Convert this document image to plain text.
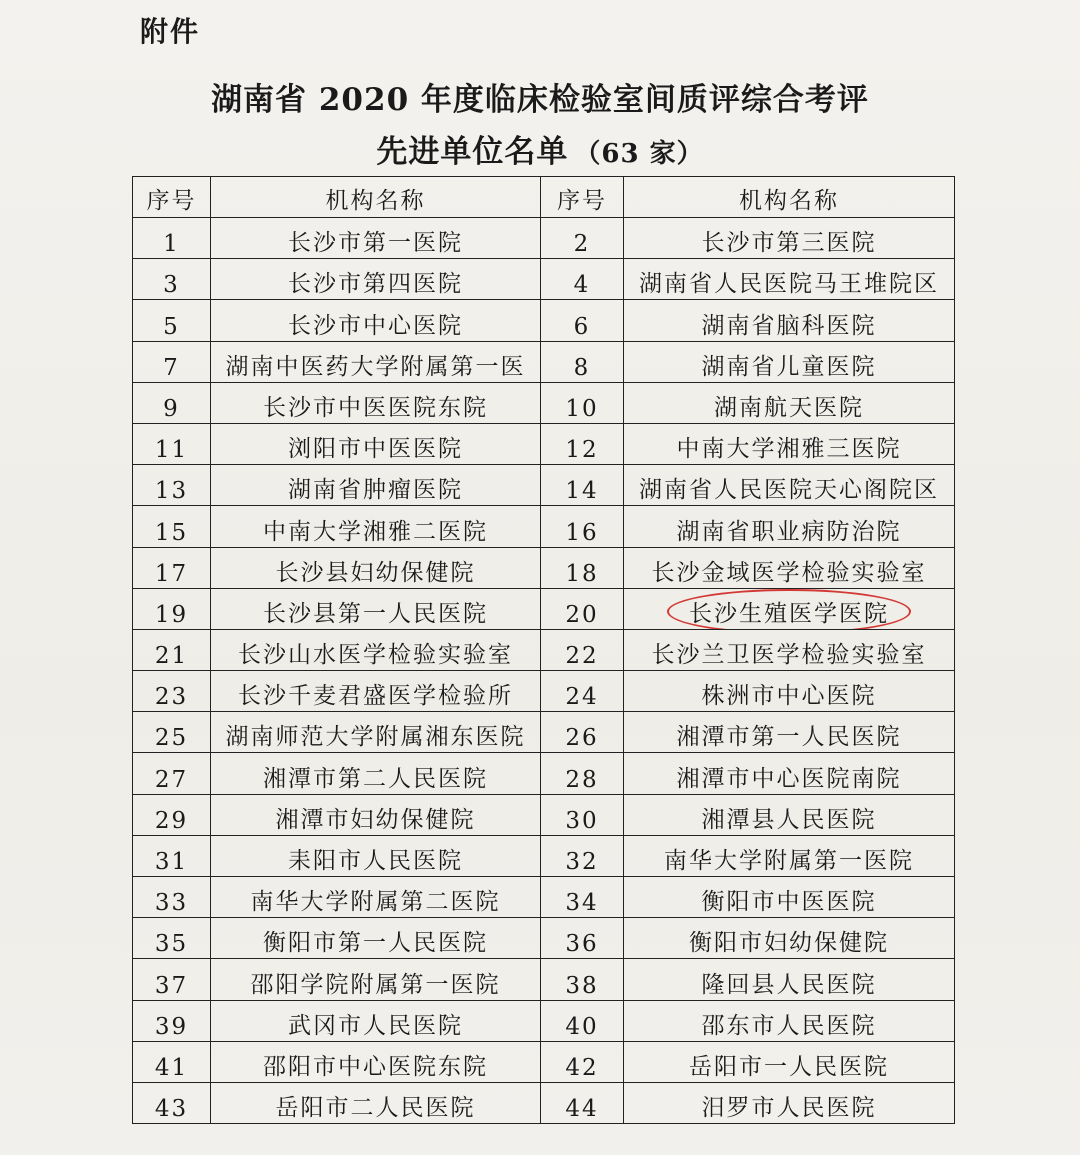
附件
湖南省 2020 年度临床检验室间质评综合考评
先进单位名单 （63 家）
序号	机构名称	序号	机构名称
1	长沙市第一医院	2	长沙市第三医院
3	长沙市第四医院	4	湖南省人民医院马王堆院区
5	长沙市中心医院	6	湖南省脑科医院
7	湖南中医药大学附属第一医	8	湖南省儿童医院
9	长沙市中医医院东院	10	湖南航天医院
11	浏阳市中医医院	12	中南大学湘雅三医院
13	湖南省肿瘤医院	14	湖南省人民医院天心阁院区
15	中南大学湘雅二医院	16	湖南省职业病防治院
17	长沙县妇幼保健院	18	长沙金域医学检验实验室
19	长沙县第一人民医院	20	长沙生殖医学医院

21	长沙山水医学检验实验室	22	长沙兰卫医学检验实验室
23	长沙千麦君盛医学检验所	24	株洲市中心医院
25	湖南师范大学附属湘东医院	26	湘潭市第一人民医院
27	湘潭市第二人民医院	28	湘潭市中心医院南院
29	湘潭市妇幼保健院	30	湘潭县人民医院
31	耒阳市人民医院	32	南华大学附属第一医院
33	南华大学附属第二医院	34	衡阳市中医医院
35	衡阳市第一人民医院	36	衡阳市妇幼保健院
37	邵阳学院附属第一医院	38	隆回县人民医院
39	武冈市人民医院	40	邵东市人民医院
41	邵阳市中心医院东院	42	岳阳市一人民医院
43	岳阳市二人民医院	44	汨罗市人民医院
